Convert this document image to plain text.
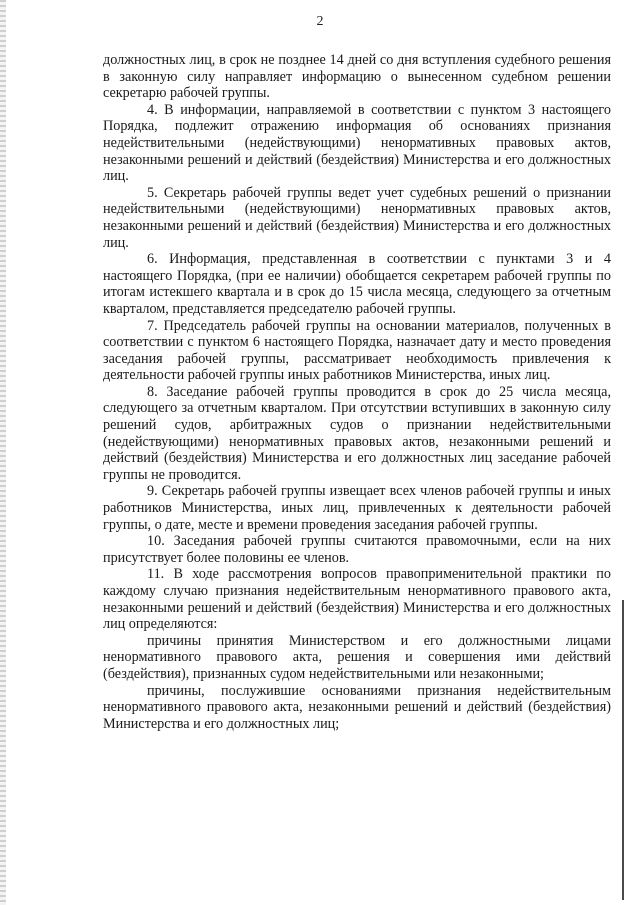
2

должностных лиц, в срок не позднее 14 дней со дня вступления судебного решения в законную силу направляет информацию о вынесенном судебном решении секретарю рабочей группы.

4. В информации, направляемой в соответствии с пунктом 3 настоящего Порядка, подлежит отражению информация об основаниях признания недействительными (недействующими) ненормативных правовых актов, незаконными решений и действий (бездействия) Министерства и его должностных лиц.

5. Секретарь рабочей группы ведет учет судебных решений о признании недействительными (недействующими) ненормативных правовых актов, незаконными решений и действий (бездействия) Министерства и его должностных лиц.

6. Информация, представленная в соответствии с пунктами 3 и 4 настоящего Порядка, (при ее наличии) обобщается секретарем рабочей группы по итогам истекшего квартала и в срок до 15 числа месяца, следующего за отчетным кварталом, представляется председателю рабочей группы.

7. Председатель рабочей группы на основании материалов, полученных в соответствии с пунктом 6 настоящего Порядка, назначает дату и место проведения заседания рабочей группы, рассматривает необходимость привлечения к деятельности рабочей группы иных работников Министерства, иных лиц.

8. Заседание рабочей группы проводится в срок до 25 числа месяца, следующего за отчетным кварталом. При отсутствии вступивших в законную силу решений судов, арбитражных судов о признании недействительными (недействующими) ненормативных правовых актов, незаконными решений и действий (бездействия) Министерства и его должностных лиц заседание рабочей группы не проводится.

9. Секретарь рабочей группы извещает всех членов рабочей группы и иных работников Министерства, иных лиц, привлеченных к деятельности рабочей группы, о дате, месте и времени проведения заседания рабочей группы.

10. Заседания рабочей группы считаются правомочными, если на них присутствует более половины ее членов.

11. В ходе рассмотрения вопросов правоприменительной практики по каждому случаю признания недействительным ненормативного правового акта, незаконными решений и действий (бездействия) Министерства и его должностных лиц определяются:

причины принятия Министерством и его должностными лицами ненормативного правового акта, решения и совершения ими действий (бездействия), признанных судом недействительными или незаконными;

причины, послужившие основаниями признания недействительным ненормативного правового акта, незаконными решений и действий (бездействия) Министерства и его должностных лиц;
